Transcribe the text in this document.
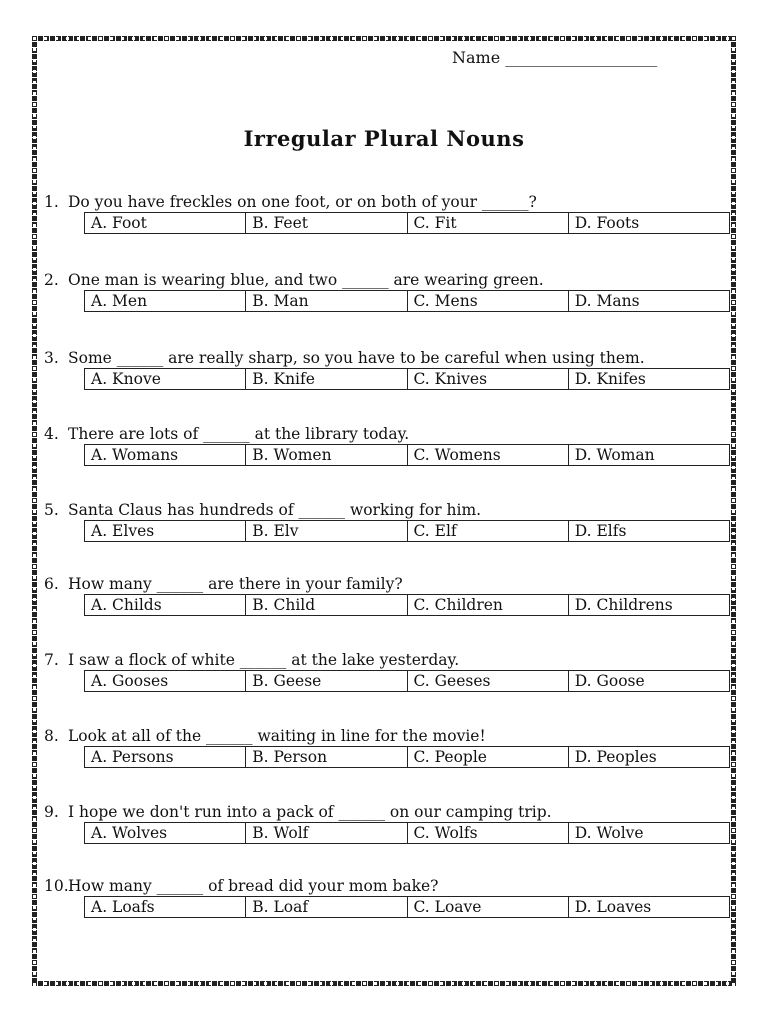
Name ___________________
Irregular Plural Nouns
1. Do you have freckles on one foot, or on both of your ______?
A. Foot	B. Feet	C. Fit	D. Foots
2. One man is wearing blue, and two ______ are wearing green.
A. Men	B. Man	C. Mens	D. Mans
3. Some ______ are really sharp, so you have to be careful when using them.
A. Knove	B. Knife	C. Knives	D. Knifes
4. There are lots of ______ at the library today.
A. Womans	B. Women	C. Womens	D. Woman
5. Santa Claus has hundreds of ______ working for him.
A. Elves	B. Elv	C. Elf	D. Elfs
6. How many ______ are there in your family?
A. Childs	B. Child	C. Children	D. Childrens
7. I saw a flock of white ______ at the lake yesterday.
A. Gooses	B. Geese	C. Geeses	D. Goose
8. Look at all of the ______ waiting in line for the movie!
A. Persons	B. Person	C. People	D. Peoples
9. I hope we don't run into a pack of ______ on our camping trip.
A. Wolves	B. Wolf	C. Wolfs	D. Wolve
10.How many ______ of bread did your mom bake?
A. Loafs	B. Loaf	C. Loave	D. Loaves
